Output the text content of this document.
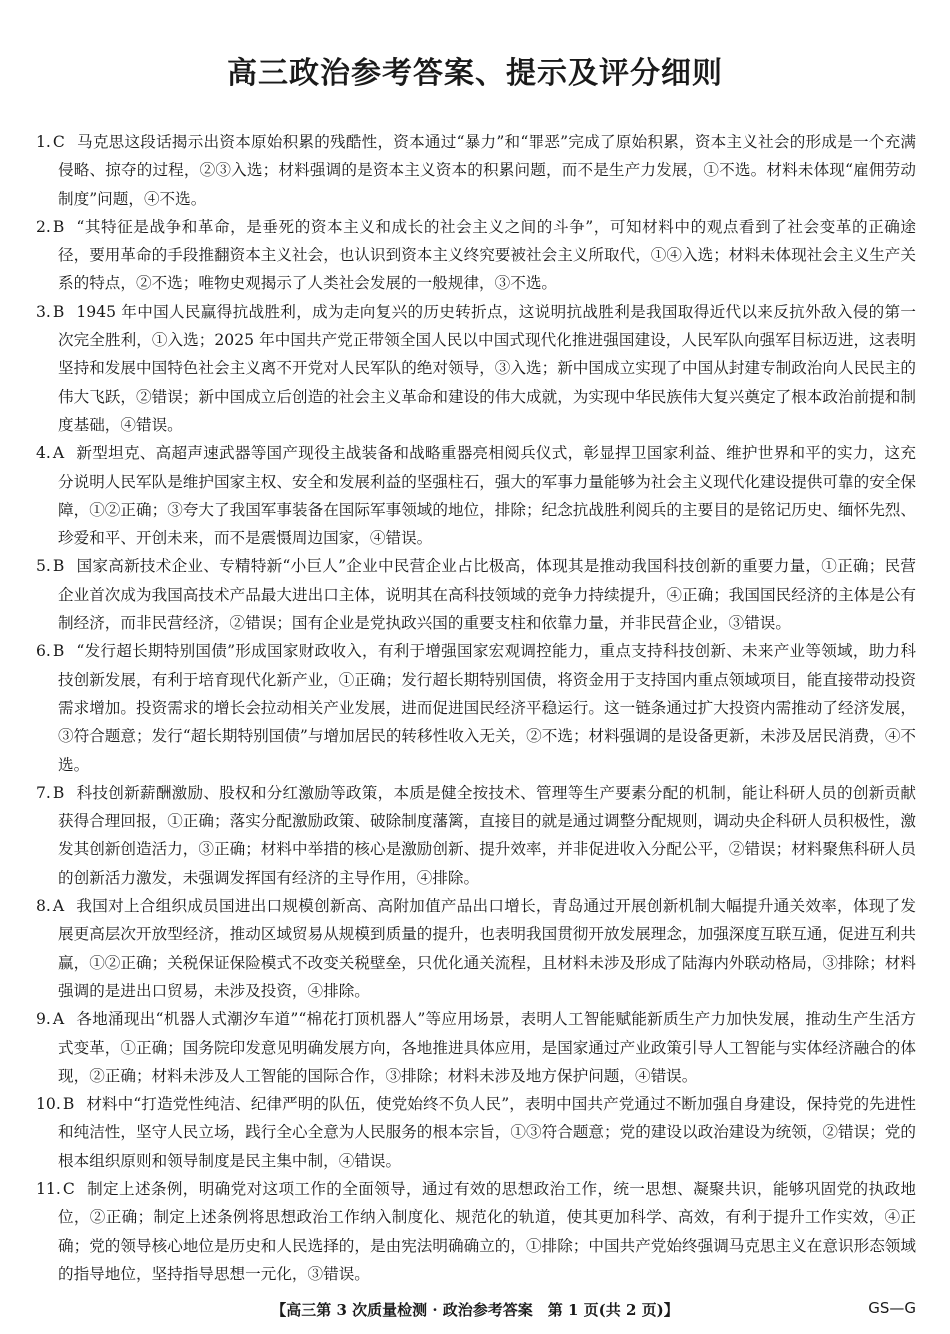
高三政治参考答案、提示及评分细则

1. C 马克思这段话揭示出资本原始积累的残酷性，资本通过“暴力”和“罪恶”完成了原始积累，资本主义社会的形成是一个充满侵略、掠夺的过程，②③入选；材料强调的是资本主义资本的积累问题，而不是生产力发展，①不选。材料未体现“雇佣劳动制度”问题，④不选。

2. B “其特征是战争和革命，是垂死的资本主义和成长的社会主义之间的斗争”，可知材料中的观点看到了社会变革的正确途径，要用革命的手段推翻资本主义社会，也认识到资本主义终究要被社会主义所取代，①④入选；材料未体现社会主义生产关系的特点，②不选；唯物史观揭示了人类社会发展的一般规律，③不选。

3. B 1945 年中国人民赢得抗战胜利，成为走向复兴的历史转折点，这说明抗战胜利是我国取得近代以来反抗外敌入侵的第一次完全胜利，①入选；2025 年中国共产党正带领全国人民以中国式现代化推进强国建设，人民军队向强军目标迈进，这表明坚持和发展中国特色社会主义离不开党对人民军队的绝对领导，③入选；新中国成立实现了中国从封建专制政治向人民民主的伟大飞跃，②错误；新中国成立后创造的社会主义革命和建设的伟大成就，为实现中华民族伟大复兴奠定了根本政治前提和制度基础，④错误。

4. A 新型坦克、高超声速武器等国产现役主战装备和战略重器亮相阅兵仪式，彰显捍卫国家利益、维护世界和平的实力，这充分说明人民军队是维护国家主权、安全和发展利益的坚强柱石，强大的军事力量能够为社会主义现代化建设提供可靠的安全保障，①②正确；③夸大了我国军事装备在国际军事领域的地位，排除；纪念抗战胜利阅兵的主要目的是铭记历史、缅怀先烈、珍爱和平、开创未来，而不是震慑周边国家，④错误。

5. B 国家高新技术企业、专精特新“小巨人”企业中民营企业占比极高，体现其是推动我国科技创新的重要力量，①正确；民营企业首次成为我国高技术产品最大进出口主体，说明其在高科技领域的竞争力持续提升，④正确；我国国民经济的主体是公有制经济，而非民营经济，②错误；国有企业是党执政兴国的重要支柱和依靠力量，并非民营企业，③错误。

6. B “发行超长期特别国债”形成国家财政收入，有利于增强国家宏观调控能力，重点支持科技创新、未来产业等领域，助力科技创新发展，有利于培育现代化新产业，①正确；发行超长期特别国债，将资金用于支持国内重点领域项目，能直接带动投资需求增加。投资需求的增长会拉动相关产业发展，进而促进国民经济平稳运行。这一链条通过扩大投资内需推动了经济发展，③符合题意；发行“超长期特别国债”与增加居民的转移性收入无关，②不选；材料强调的是设备更新，未涉及居民消费，④不选。

7. B 科技创新薪酬激励、股权和分红激励等政策，本质是健全按技术、管理等生产要素分配的机制，能让科研人员的创新贡献获得合理回报，①正确；落实分配激励政策、破除制度藩篱，直接目的就是通过调整分配规则，调动央企科研人员积极性，激发其创新创造活力，③正确；材料中举措的核心是激励创新、提升效率，并非促进收入分配公平，②错误；材料聚焦科研人员的创新活力激发，未强调发挥国有经济的主导作用，④排除。

8. A 我国对上合组织成员国进出口规模创新高、高附加值产品出口增长，青岛通过开展创新机制大幅提升通关效率，体现了发展更高层次开放型经济，推动区域贸易从规模到质量的提升，也表明我国贯彻开放发展理念，加强深度互联互通，促进互利共赢，①②正确；关税保证保险模式不改变关税壁垒，只优化通关流程，且材料未涉及形成了陆海内外联动格局，③排除；材料强调的是进出口贸易，未涉及投资，④排除。

9. A 各地涌现出“机器人式潮汐车道”“棉花打顶机器人”等应用场景，表明人工智能赋能新质生产力加快发展，推动生产生活方式变革，①正确；国务院印发意见明确发展方向，各地推进具体应用，是国家通过产业政策引导人工智能与实体经济融合的体现，②正确；材料未涉及人工智能的国际合作，③排除；材料未涉及地方保护问题，④错误。

10. B 材料中“打造党性纯洁、纪律严明的队伍，使党始终不负人民”，表明中国共产党通过不断加强自身建设，保持党的先进性和纯洁性，坚守人民立场，践行全心全意为人民服务的根本宗旨，①③符合题意；党的建设以政治建设为统领，②错误；党的根本组织原则和领导制度是民主集中制，④错误。

11. C 制定上述条例，明确党对这项工作的全面领导，通过有效的思想政治工作，统一思想、凝聚共识，能够巩固党的执政地位，②正确；制定上述条例将思想政治工作纳入制度化、规范化的轨道，使其更加科学、高效，有利于提升工作实效，④正确；党的领导核心地位是历史和人民选择的，是由宪法明确确立的，①排除；中国共产党始终强调马克思主义在意识形态领域的指导地位，坚持指导思想一元化，③错误。

【高三第 3 次质量检测 · 政治参考答案　第 1 页(共 2 页)】	GS—G
